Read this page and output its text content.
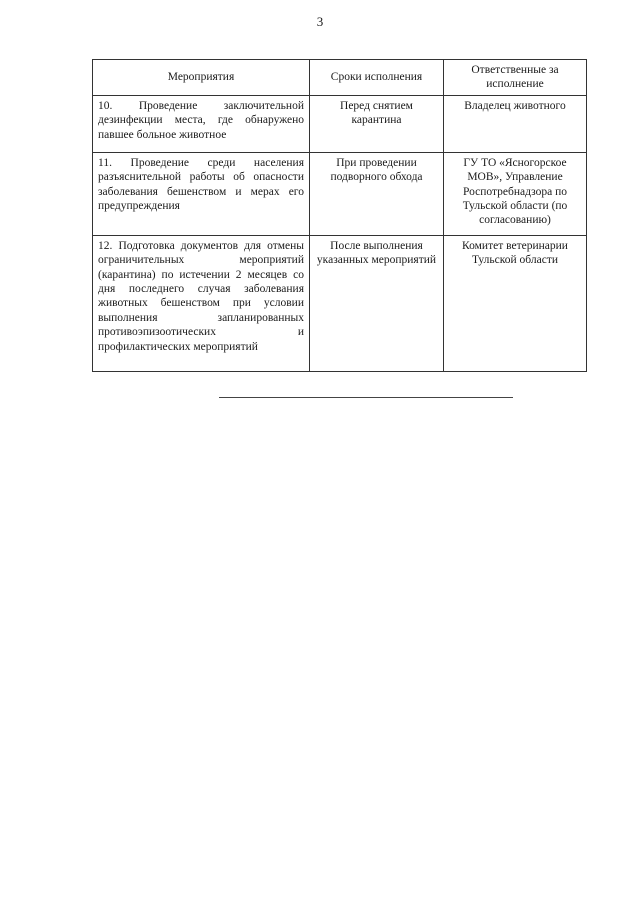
3
Мероприятия	Сроки исполнения	Ответственные за исполнение
10. Проведение заключительной дезинфекции места, где обнаружено павшее больное животное	Перед снятием карантина	Владелец животного
11. Проведение среди населения разъяснительной работы об опасности заболевания бешенством и мерах его предупреждения	При проведении подворного обхода	ГУ ТО «Ясногорское МОВ», Управление Роспотребнадзора по Тульской области (по согласованию)
12. Подготовка документов для отмены ограничительных мероприятий (карантина) по истечении 2 месяцев со дня последнего случая заболевания животных бешенством при условии выполнения запланированных противоэпизоотических и профилактических мероприятий	После выполнения указанных мероприятий	Комитет ветеринарии Тульской области
